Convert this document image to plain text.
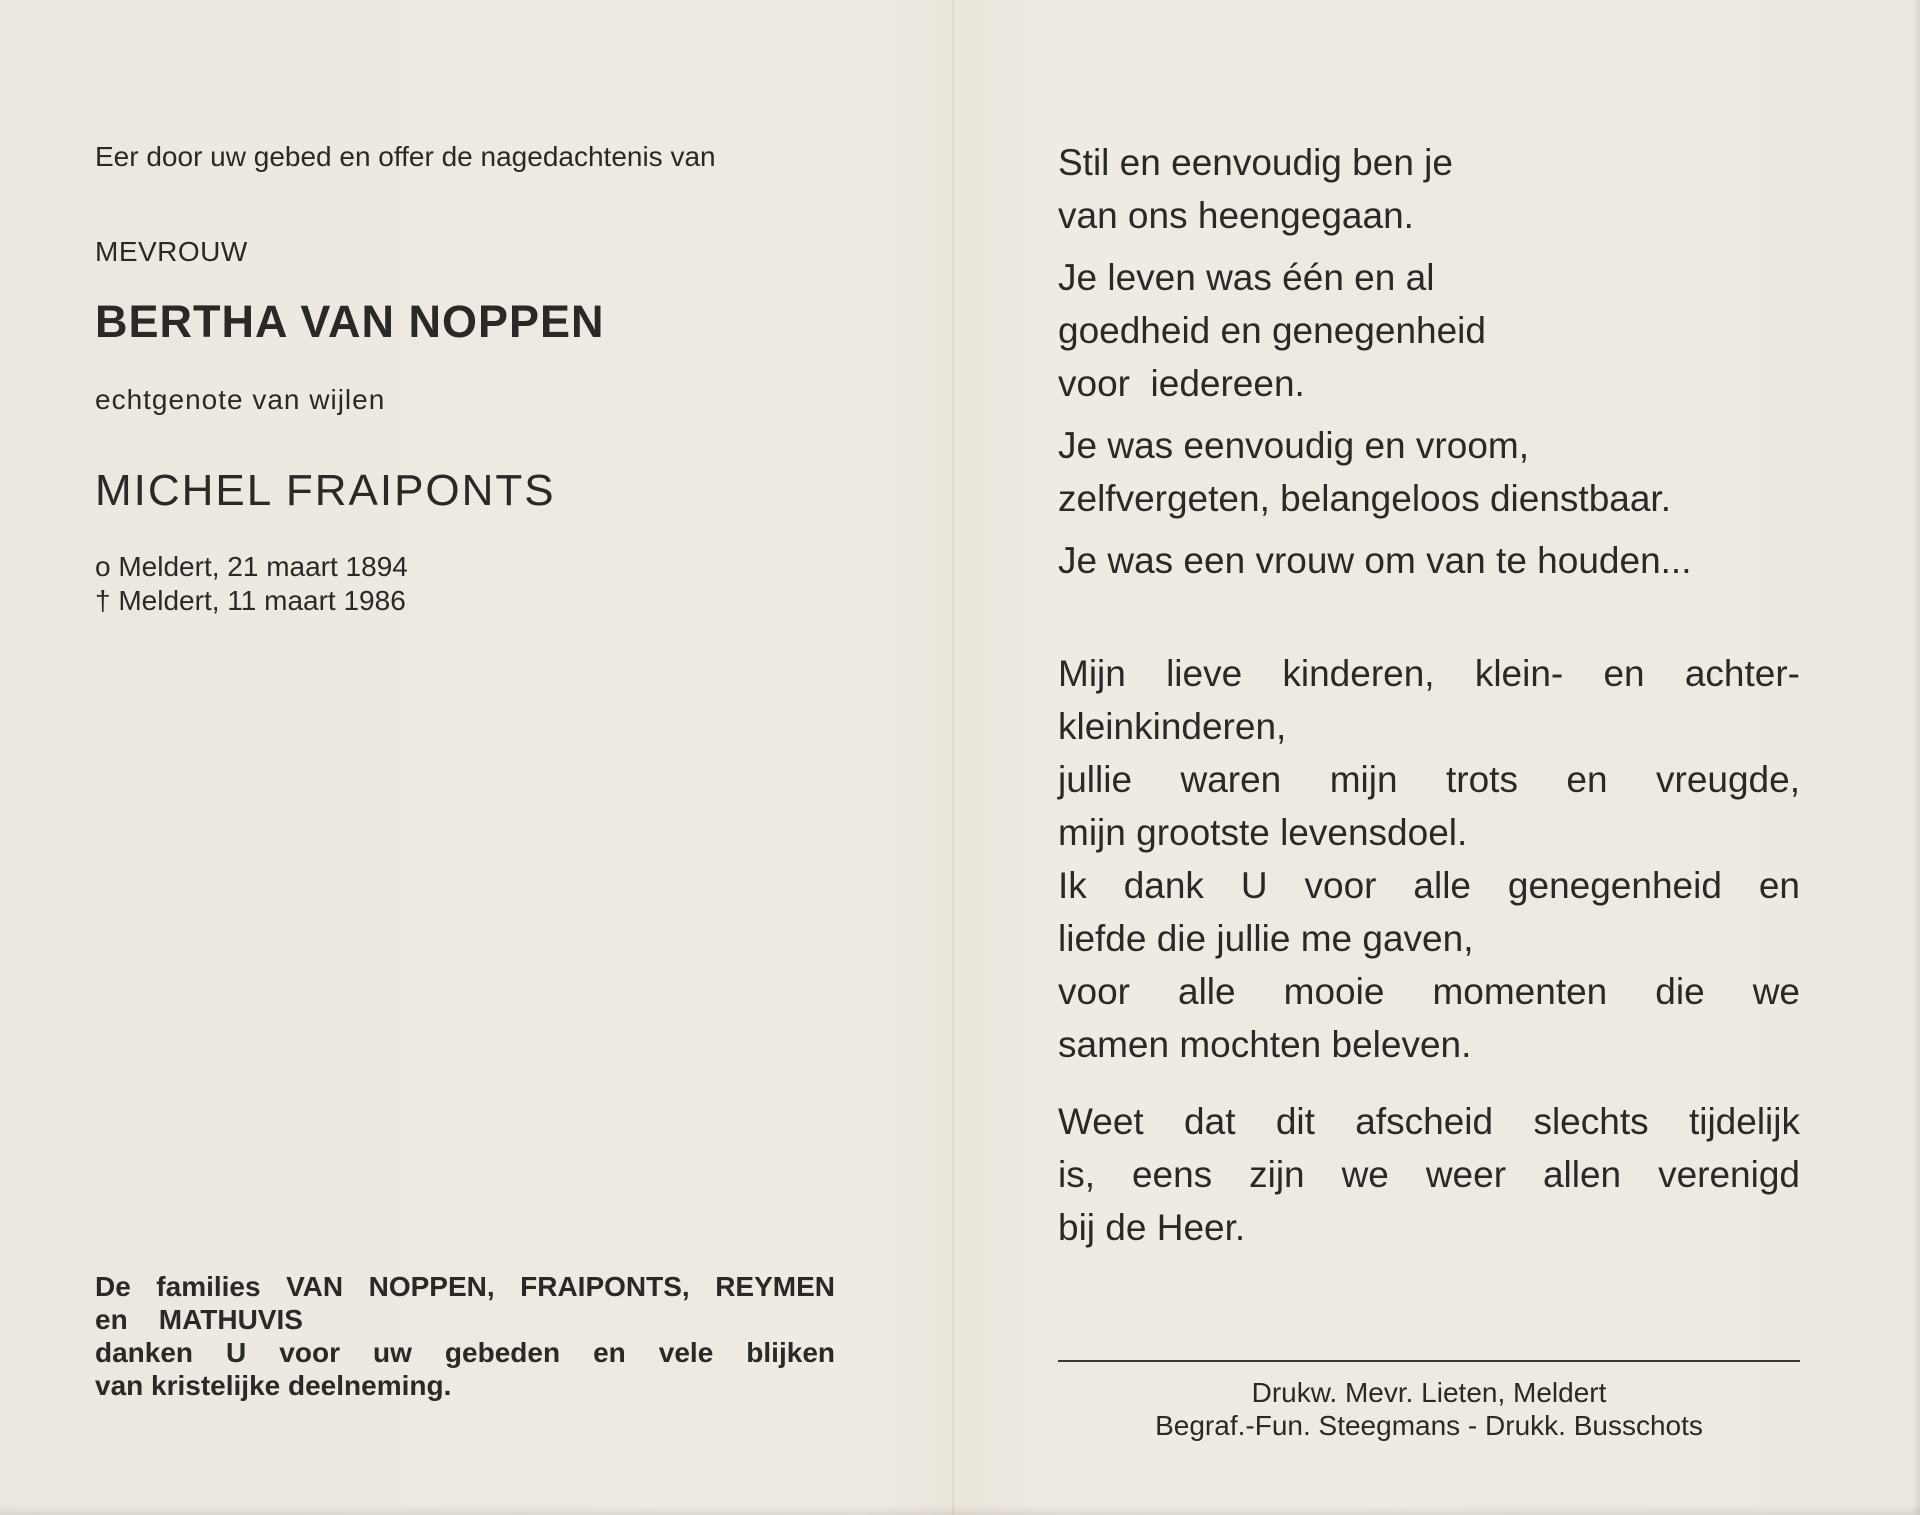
Eer door uw gebed en offer de nagedachtenis van
MEVROUW
BERTHA VAN NOPPEN
echtgenote van wijlen
MICHEL FRAIPONTS
o Meldert, 21 maart 1894
† Meldert, 11 maart 1986
De families VAN NOPPEN, FRAIPONTS, REYMEN
en    MATHUVIS
danken U voor uw gebeden en vele blijken
van kristelijke deelneming.
Stil en eenvoudig ben je
van ons heengegaan.
Je leven was één en al
goedheid en genegenheid
voor  iedereen.
Je was eenvoudig en vroom,
zelfvergeten, belangeloos dienstbaar.
Je was een vrouw om van te houden...
Mijn lieve kinderen, klein- en achter-
kleinkinderen,
jullie waren mijn trots en vreugde,
mijn grootste levensdoel.
Ik dank U voor alle genegenheid en
liefde die jullie me gaven,
voor alle mooie momenten die we
samen mochten beleven.
Weet dat dit afscheid slechts tijdelijk
is, eens zijn we weer allen verenigd
bij de Heer.
Drukw. Mevr. Lieten, Meldert
Begraf.-Fun. Steegmans - Drukk. Busschots
